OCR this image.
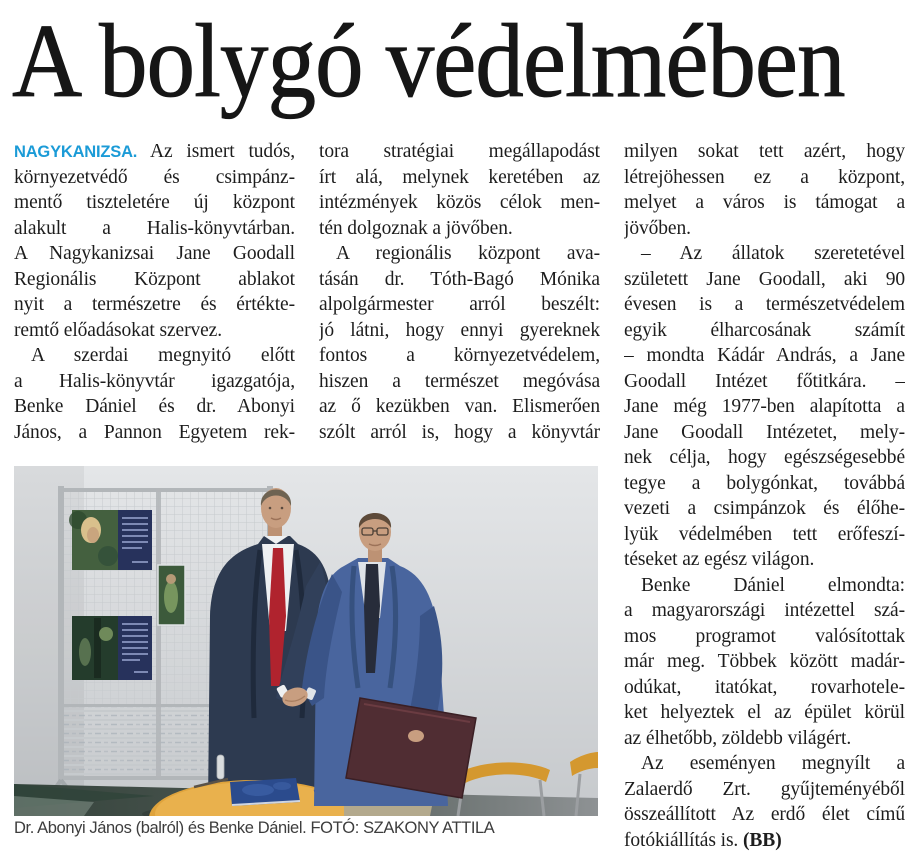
A bolygó védelmében
NAGYKANIZSA. Az ismert tudós,
környezetvédő és csimpánz-
mentő tiszteletére új központ
alakult a Halis-könyvtárban.
A Nagykanizsai Jane Goodall
Regionális Központ ablakot
nyit a természetre és értékte-
remtő előadásokat szervez.
A szerdai megnyitó előtt
a Halis-könyvtár igazgatója,
Benke Dániel és dr. Abonyi
János, a Pannon Egyetem rek-
tora stratégiai megállapodást
írt alá, melynek keretében az
intézmények közös célok men-
tén dolgoznak a jövőben.
A regionális központ ava-
tásán dr. Tóth-Bagó Mónika
alpolgármester arról beszélt:
jó látni, hogy ennyi gyereknek
fontos a környezetvédelem,
hiszen a természet megóvása
az ő kezükben van. Elismerően
szólt arról is, hogy a könyvtár
milyen sokat tett azért, hogy
létrejöhessen ez a központ,
melyet a város is támogat a
jövőben.
– Az állatok szeretetével
született Jane Goodall, aki 90
évesen is a természetvédelem
egyik élharcosának számít
– mondta Kádár András, a Jane
Goodall Intézet főtitkára. –
Jane még 1977-ben alapította a
Jane Goodall Intézetet, mely-
nek célja, hogy egészségesebbé
tegye a bolygónkat, továbbá
vezeti a csimpánzok és élőhe-
lyük védelmében tett erőfeszí-
téseket az egész világon.
Benke Dániel elmondta:
a magyarországi intézettel szá-
mos programot valósítottak
már meg. Többek között madár-
odúkat, itatókat, rovarhotele-
ket helyeztek el az épület körül
az élhetőbb, zöldebb világért.
Az eseményen megnyílt a
Zalaerdő Zrt. gyűjteményéből
összeállított Az erdő élet című
fotókiállítás is. (BB)
Dr. Abonyi János (balról) és Benke Dániel. FOTÓ: SZAKONY ATTILA
